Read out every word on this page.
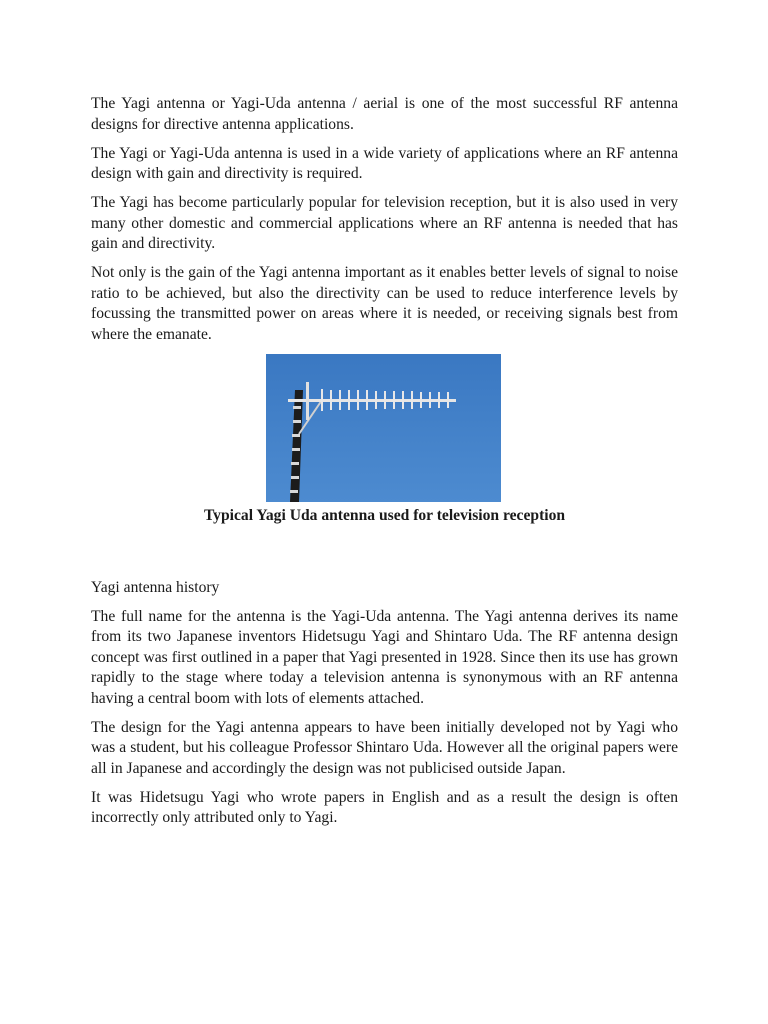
The Yagi antenna or Yagi-Uda antenna / aerial is one of the most successful RF antenna designs for directive antenna applications.

The Yagi or Yagi-Uda antenna is used in a wide variety of applications where an RF antenna design with gain and directivity is required.

The Yagi has become particularly popular for television reception, but it is also used in very many other domestic and commercial applications where an RF antenna is needed that has gain and directivity.

Not only is the gain of the Yagi antenna important as it enables better levels of signal to noise ratio to be achieved, but also the directivity can be used to reduce interference levels by focussing the transmitted power on areas where it is needed, or receiving signals best from where the emanate.

Typical Yagi Uda antenna used for television reception

Yagi antenna history

The full name for the antenna is the Yagi-Uda antenna. The Yagi antenna derives its name from its two Japanese inventors Hidetsugu Yagi and Shintaro Uda. The RF antenna design concept was first outlined in a paper that Yagi presented in 1928. Since then its use has grown rapidly to the stage where today a television antenna is synonymous with an RF antenna having a central boom with lots of elements attached.

The design for the Yagi antenna appears to have been initially developed not by Yagi who was a student, but his colleague Professor Shintaro Uda. However all the original papers were all in Japanese and accordingly the design was not publicised outside Japan.

It was Hidetsugu Yagi who wrote papers in English and as a result the design is often incorrectly only attributed only to Yagi.
